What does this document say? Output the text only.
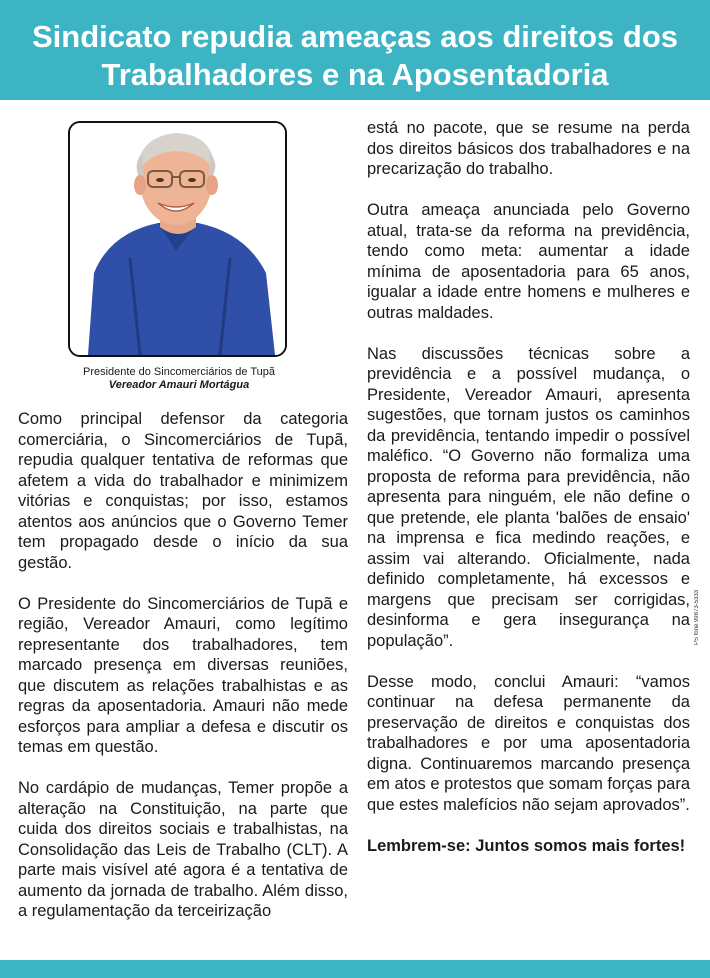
Sindicato repudia ameaças aos direitos dos
Trabalhadores e na Aposentadoria
Presidente do Sincomerciários de Tupã
Vereador Amauri Mortágua

Como principal defensor da categoria comerciária, o Sincomerciários de Tupã, repudia qualquer tentativa de reformas que afetem a vida do trabalhador e minimizem vitórias e conquistas; por isso, estamos atentos aos anúncios que o Governo Temer tem propagado desde o início da sua gestão.

O Presidente do Sincomerciários de Tupã e região, Vereador Amauri, como legítimo representante dos trabalhadores, tem marcado presença em diversas reuniões, que discutem as relações trabalhistas e as regras da aposentadoria. Amauri não mede esforços para ampliar a defesa e discutir os temas em questão.

No cardápio de mudanças, Temer propõe a alteração na Constituição, na parte que cuida dos direitos sociais e trabalhistas, na Consolidação das Leis de Trabalho (CLT). A parte mais visível até agora é a tentativa de aumento da jornada de trabalho. Além disso, a regulamentação da terceirização

está no pacote, que se resume na perda dos direitos básicos dos trabalhadores e na precarização do trabalho.

Outra ameaça anunciada pelo Governo atual, trata-se da reforma na previdência, tendo como meta: aumentar a idade mínima de aposentadoria para 65 anos, igualar a idade entre homens e mulheres e outras maldades.

Nas discussões técnicas sobre a previdência e a possível mudança, o Presidente, Vereador Amauri, apresenta sugestões, que tornam justos os caminhos da previdência, tentando impedir o possível maléfico. “O Governo não formaliza uma proposta de reforma para previdência, não apresenta para ninguém, ele não define o que pretende, ele planta 'balões de ensaio' na imprensa e fica medindo reações, e assim vai alterando. Oficialmente, nada definido completamente, há excessos e margens que precisam ser corrigidas, desinforma e gera insegurança na população”.

Desse modo, conclui Amauri: “vamos continuar na defesa permanente da preservação de direitos e conquistas dos trabalhadores e por uma aposentadoria digna. Continuaremos marcando presença em atos e protestos que somam forças para que estes malefícios não sejam aprovados”.

Lembrem-se: Juntos somos mais fortes!

PS fone 99873-5333
